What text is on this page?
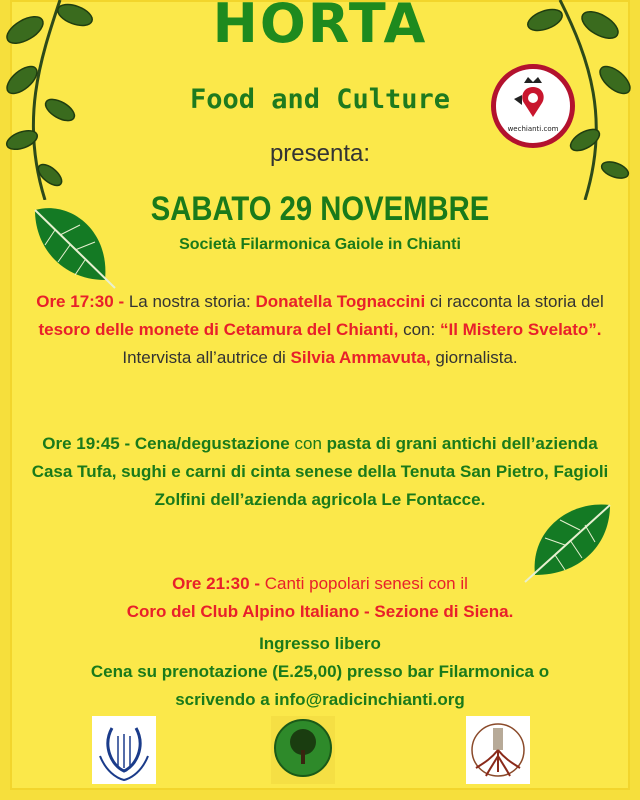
HORTA
Food and Culture
presenta:
wechianti.com
SABATO 29 NOVEMBRE
Società Filarmonica Gaiole in Chianti
Ore 17:30 - La nostra storia: Donatella Tognaccini ci racconta la storia del tesoro delle monete di Cetamura del Chianti, con: “Il Mistero Svelato”.
Intervista all’autrice di Silvia Ammavuta, giornalista.
Ore 19:45 - Cena/degustazione con pasta di grani antichi dell’azienda Casa Tufa, sughi e carni di cinta senese della Tenuta San Pietro, Fagioli Zolfini dell’azienda agricola Le Fontacce.
Ore 21:30 - Canti popolari senesi con il
Coro del Club Alpino Italiano - Sezione di Siena.
Ingresso libero
Cena su prenotazione (E.25,00) presso bar Filarmonica o
scrivendo a info@radicinchianti.org
